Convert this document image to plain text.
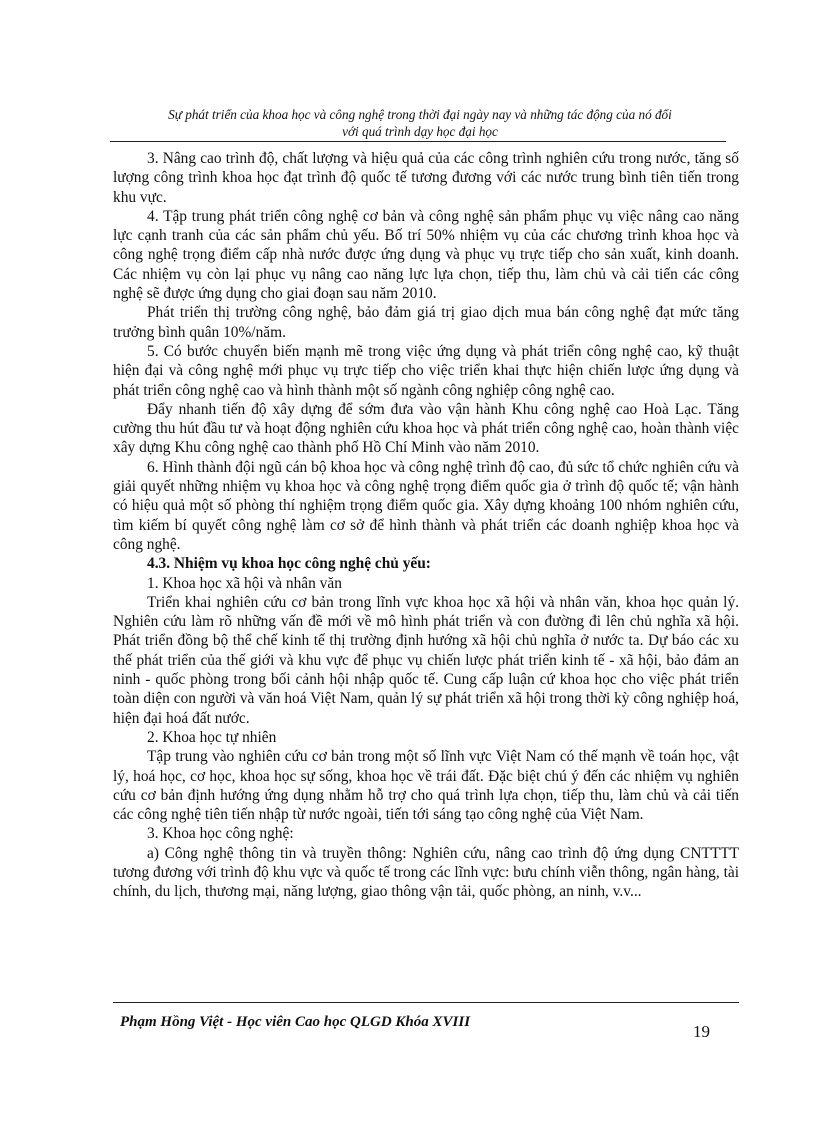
Sự phát triển của khoa học và công nghệ trong thời đại ngày nay và những tác động của nó đối
với quá trình dạy học đại học

3. Nâng cao trình độ, chất lượng và hiệu quả của các công trình nghiên cứu trong nước, tăng số lượng công trình khoa học đạt trình độ quốc tế tương đương với các nước trung bình tiên tiến trong khu vực.

4. Tập trung phát triển công nghệ cơ bản và công nghệ sản phẩm phục vụ việc nâng cao năng lực cạnh tranh của các sản phẩm chủ yếu. Bố trí 50% nhiệm vụ của các chương trình khoa học và công nghệ trọng điểm cấp nhà nước được ứng dụng và phục vụ trực tiếp cho sản xuất, kinh doanh. Các nhiệm vụ còn lại phục vụ nâng cao năng lực lựa chọn, tiếp thu, làm chủ và cải tiến các công nghệ sẽ được ứng dụng cho giai đoạn sau năm 2010.

Phát triển thị trường công nghệ, bảo đảm giá trị giao dịch mua bán công nghệ đạt mức tăng trưởng bình quân 10%/năm.

5. Có bước chuyển biến mạnh mẽ trong việc ứng dụng và phát triển công nghệ cao, kỹ thuật hiện đại và công nghệ mới phục vụ trực tiếp cho việc triển khai thực hiện chiến lược ứng dụng và phát triển công nghệ cao và hình thành một số ngành công nghiệp công nghệ cao.

Đẩy nhanh tiến độ xây dựng để sớm đưa vào vận hành Khu công nghệ cao Hoà Lạc. Tăng cường thu hút đầu tư và hoạt động nghiên cứu khoa học và phát triển công nghệ cao, hoàn thành việc xây dựng Khu công nghệ cao thành phố Hồ Chí Minh vào năm 2010.

6. Hình thành đội ngũ cán bộ khoa học và công nghệ trình độ cao, đủ sức tổ chức nghiên cứu và giải quyết những nhiệm vụ khoa học và công nghệ trọng điểm quốc gia ở trình độ quốc tế; vận hành có hiệu quả một số phòng thí nghiệm trọng điểm quốc gia. Xây dựng khoảng 100 nhóm nghiên cứu, tìm kiếm bí quyết công nghệ làm cơ sở để hình thành và phát triển các doanh nghiệp khoa học và công nghệ.

4.3. Nhiệm vụ khoa học công nghệ chủ yếu:

1. Khoa học xã hội và nhân văn

Triển khai nghiên cứu cơ bản trong lĩnh vực khoa học xã hội và nhân văn, khoa học quản lý. Nghiên cứu làm rõ những vấn đề mới về mô hình phát triển và con đường đi lên chủ nghĩa xã hội. Phát triển đồng bộ thể chế kinh tế thị trường định hướng xã hội chủ nghĩa ở nước ta. Dự báo các xu thế phát triển của thế giới và khu vực để phục vụ chiến lược phát triển kinh tế - xã hội, bảo đảm an ninh - quốc phòng trong bối cảnh hội nhập quốc tế. Cung cấp luận cứ khoa học cho việc phát triển toàn diện con người và văn hoá Việt Nam, quản lý sự phát triển xã hội trong thời kỳ công nghiệp hoá, hiện đại hoá đất nước.

2. Khoa học tự nhiên

Tập trung vào nghiên cứu cơ bản trong một số lĩnh vực Việt Nam có thế mạnh về toán học, vật lý, hoá học, cơ học, khoa học sự sống, khoa học về trái đất. Đặc biệt chú ý đến các nhiệm vụ nghiên cứu cơ bản định hướng ứng dụng nhằm hỗ trợ cho quá trình lựa chọn, tiếp thu, làm chủ và cải tiến các công nghệ tiên tiến nhập từ nước ngoài, tiến tới sáng tạo công nghệ của Việt Nam.

3. Khoa học công nghệ:

a) Công nghệ thông tin và truyền thông: Nghiên cứu, nâng cao trình độ ứng dụng CNTTTT tương đương với trình độ khu vực và quốc tế trong các lĩnh vực: bưu chính viễn thông, ngân hàng, tài chính, du lịch, thương mại, năng lượng, giao thông vận tải, quốc phòng, an ninh, v.v...

Phạm Hồng Việt - Học viên Cao học QLGD Khóa XVIII	19
